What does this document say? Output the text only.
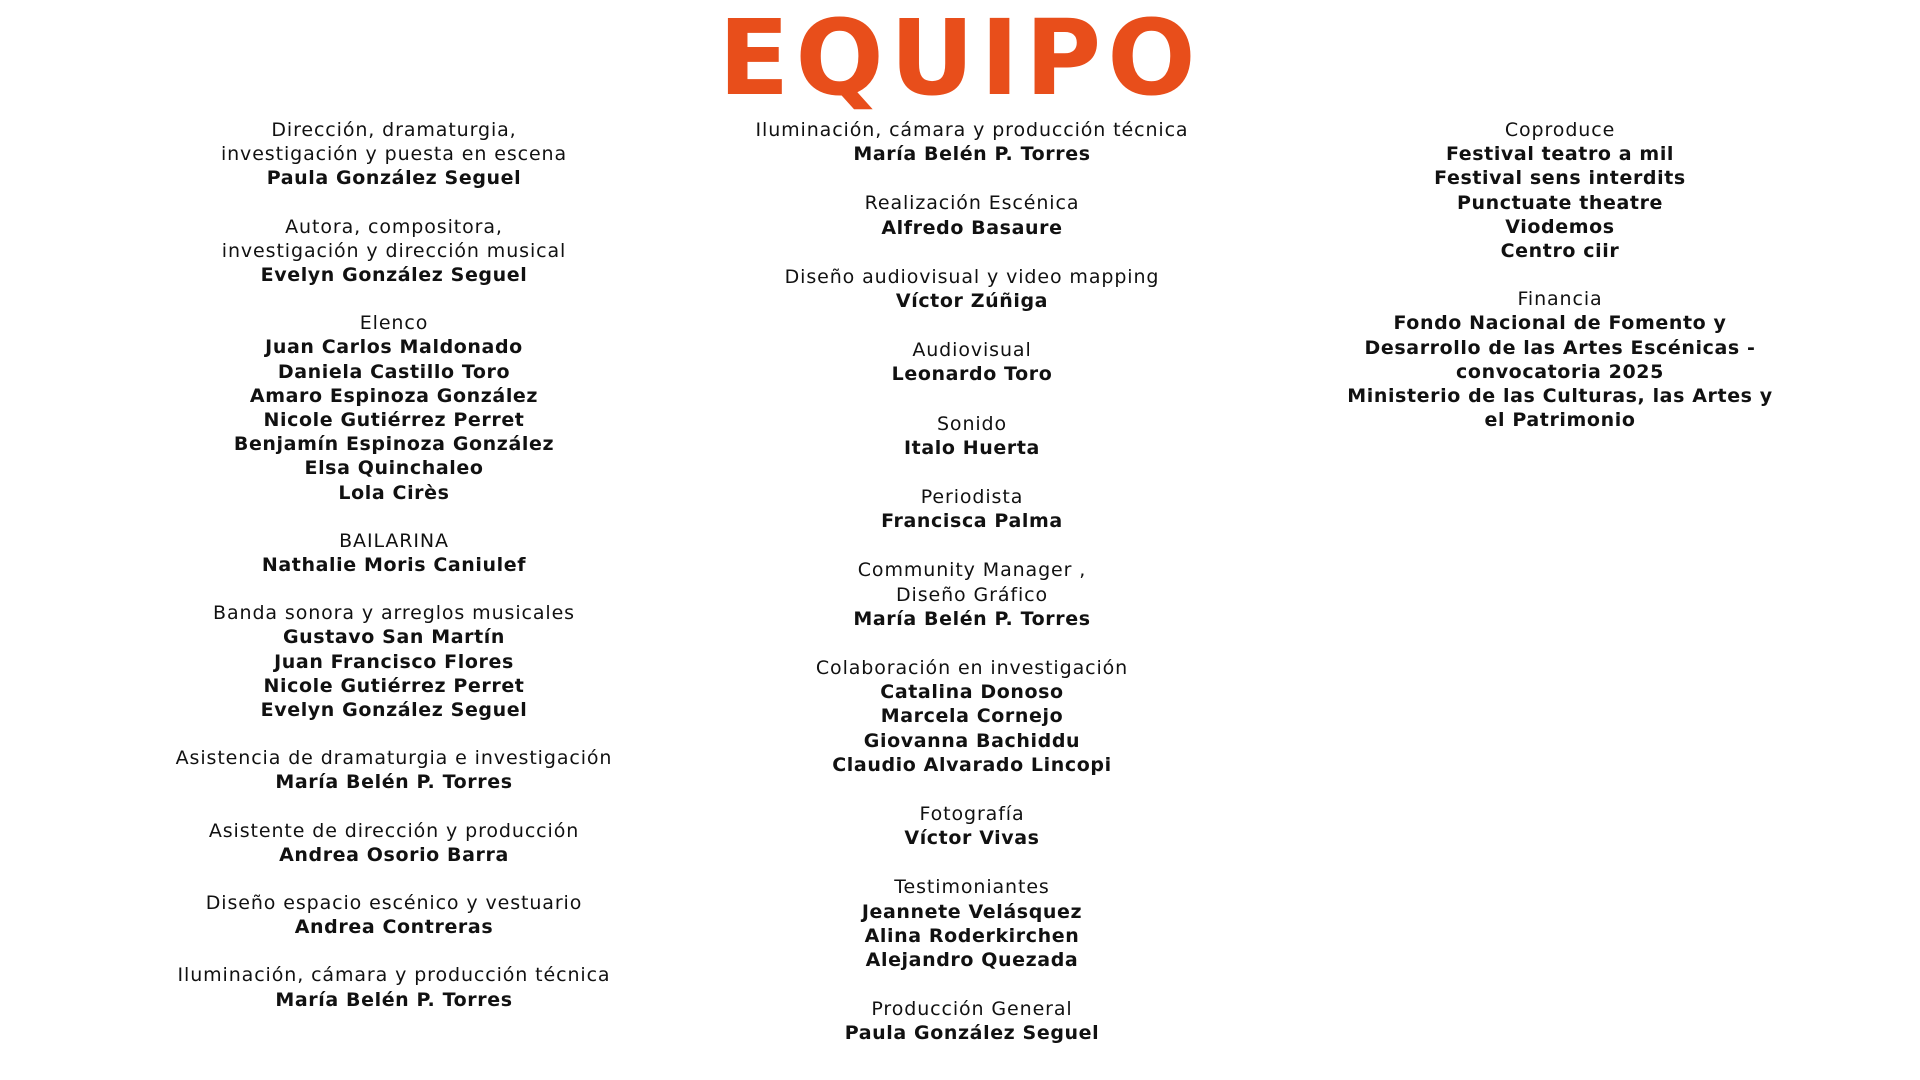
EQUIPO
Dirección, dramaturgia,
investigación y puesta en escena
Paula González Seguel
Autora, compositora,
investigación y dirección musical
Evelyn González Seguel
Elenco
Juan Carlos Maldonado
Daniela Castillo Toro
Amaro Espinoza González
Nicole Gutiérrez Perret
Benjamín Espinoza González
Elsa Quinchaleo
Lola Cirès
BAILARINA
Nathalie Moris Caniulef
Banda sonora y arreglos musicales
Gustavo San Martín
Juan Francisco Flores
Nicole Gutiérrez Perret
Evelyn González Seguel
Asistencia de dramaturgia e investigación
María Belén P. Torres
Asistente de dirección y producción
Andrea Osorio Barra
Diseño espacio escénico y vestuario
Andrea Contreras
Iluminación, cámara y producción técnica
María Belén P. Torres
Iluminación, cámara y producción técnica
María Belén P. Torres
Realización Escénica
Alfredo Basaure
Diseño audiovisual y video mapping
Víctor Zúñiga
Audiovisual
Leonardo Toro
Sonido
Italo Huerta
Periodista
Francisca Palma
Community Manager ,
Diseño Gráfico
María Belén P. Torres
Colaboración en investigación
Catalina Donoso
Marcela Cornejo
Giovanna Bachiddu
Claudio Alvarado Lincopi
Fotografía
Víctor Vivas
Testimoniantes
Jeannete Velásquez
Alina Roderkirchen
Alejandro Quezada
Producción General
Paula González Seguel
Coproduce
Festival teatro a mil
Festival sens interdits
Punctuate theatre
Viodemos
Centro ciir
Financia
Fondo Nacional de Fomento y
Desarrollo de las Artes Escénicas -
convocatoria 2025
Ministerio de las Culturas, las Artes y
el Patrimonio
